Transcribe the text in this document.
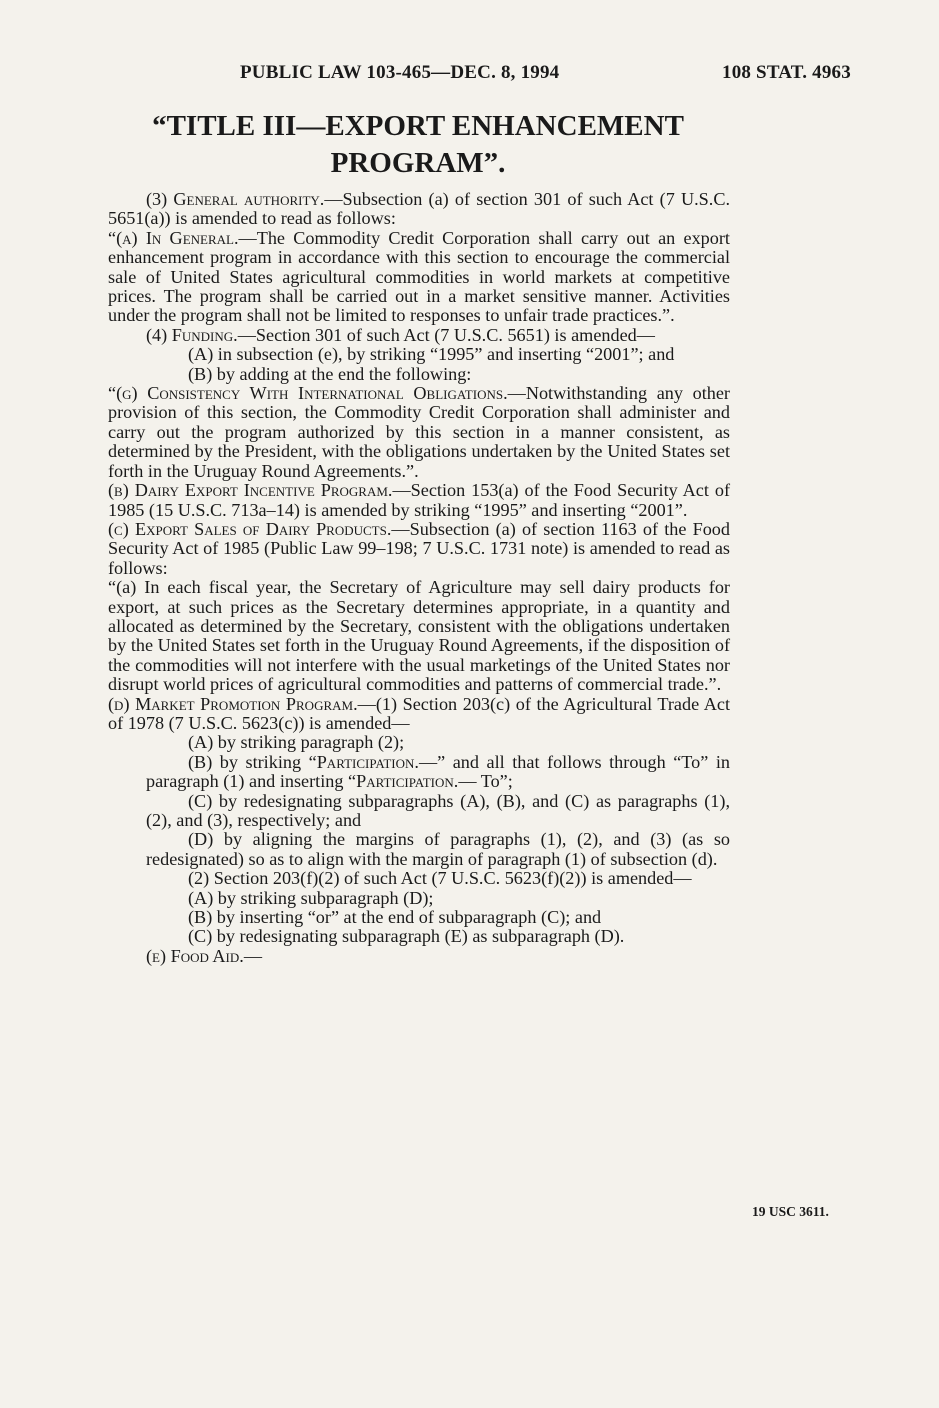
PUBLIC LAW 103-465—DEC. 8, 1994	108 STAT. 4963
“TITLE III—EXPORT ENHANCEMENT
PROGRAM”.

(3) General authority.—Subsection (a) of section 301 of such Act (7 U.S.C. 5651(a)) is amended to read as follows:

“(a) In General.—The Commodity Credit Corporation shall carry out an export enhancement program in accordance with this section to encourage the commercial sale of United States agricultural commodities in world markets at competitive prices. The program shall be carried out in a market sensitive manner. Activities under the program shall not be limited to responses to unfair trade practices.”.

(4) Funding.—Section 301 of such Act (7 U.S.C. 5651) is amended—

(A) in subsection (e), by striking “1995” and inserting “2001”; and

(B) by adding at the end the following:

“(g) Consistency With International Obligations.—Notwithstanding any other provision of this section, the Commodity Credit Corporation shall administer and carry out the program authorized by this section in a manner consistent, as determined by the President, with the obligations undertaken by the United States set forth in the Uruguay Round Agreements.”.

(b) Dairy Export Incentive Program.—Section 153(a) of the Food Security Act of 1985 (15 U.S.C. 713a–14) is amended by striking “1995” and inserting “2001”.

(c) Export Sales of Dairy Products.—Subsection (a) of section 1163 of the Food Security Act of 1985 (Public Law 99–198; 7 U.S.C. 1731 note) is amended to read as follows:

“(a) In each fiscal year, the Secretary of Agriculture may sell dairy products for export, at such prices as the Secretary determines appropriate, in a quantity and allocated as determined by the Secretary, consistent with the obligations undertaken by the United States set forth in the Uruguay Round Agreements, if the disposition of the commodities will not interfere with the usual marketings of the United States nor disrupt world prices of agricultural commodities and patterns of commercial trade.”.

(d) Market Promotion Program.—(1) Section 203(c) of the Agricultural Trade Act of 1978 (7 U.S.C. 5623(c)) is amended—

(A) by striking paragraph (2);

(B) by striking “Participation.—” and all that follows through “To” in paragraph (1) and inserting “Participation.— To”;

(C) by redesignating subparagraphs (A), (B), and (C) as paragraphs (1), (2), and (3), respectively; and

(D) by aligning the margins of paragraphs (1), (2), and (3) (as so redesignated) so as to align with the margin of paragraph (1) of subsection (d).

(2) Section 203(f)(2) of such Act (7 U.S.C. 5623(f)(2)) is amended—

(A) by striking subparagraph (D);

(B) by inserting “or” at the end of subparagraph (C); and

(C) by redesignating subparagraph (E) as subparagraph (D).

(e) Food Aid.—

19 USC 3611.
